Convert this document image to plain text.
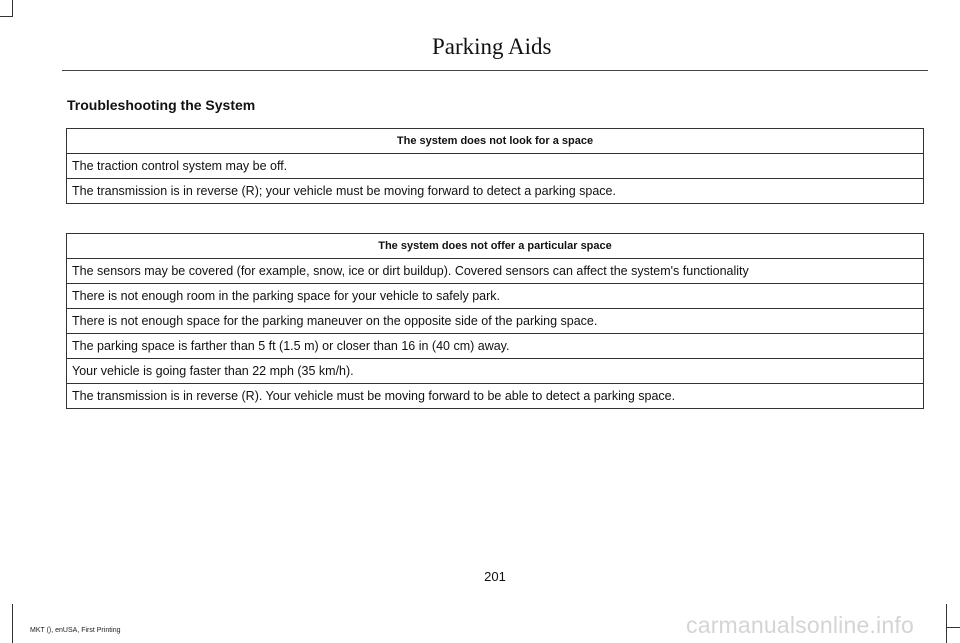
Parking Aids
Troubleshooting the System
The system does not look for a space
The traction control system may be off.
The transmission is in reverse (R); your vehicle must be moving forward to detect a parking space.
The system does not offer a particular space
The sensors may be covered (for example, snow, ice or dirt buildup). Covered sensors can affect the system's functionality
There is not enough room in the parking space for your vehicle to safely park.
There is not enough space for the parking maneuver on the opposite side of the parking space.
The parking space is farther than 5 ft (1.5 m) or closer than 16 in (40 cm) away.
Your vehicle is going faster than 22 mph (35 km/h).
The transmission is in reverse (R). Your vehicle must be moving forward to be able to detect a parking space.
201
MKT (), enUSA, First Printing	carmanualsonline.info
